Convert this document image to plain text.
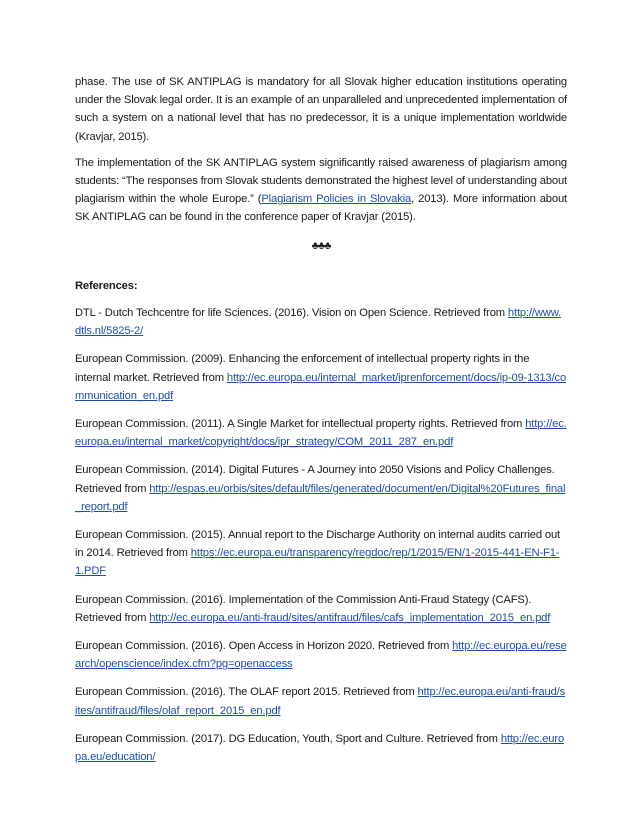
phase. The use of SK ANTIPLAG is mandatory for all Slovak higher education institutions operating under the Slovak legal order. It is an example of an unparalleled and unprecedented implementation of such a system on a national level that has no predecessor, it is a unique implementation worldwide (Kravjar, 2015).

The implementation of the SK ANTIPLAG system significantly raised awareness of plagiarism among students: “The responses from Slovak students demonstrated the highest level of understanding about plagiarism within the whole Europe.” (Plagiarism Policies in Slovakia, 2013). More information about SK ANTIPLAG can be found in the conference paper of Kravjar (2015).

♣♣♣
References:

DTL - Dutch Techcentre for life Sciences. (2016). Vision on Open Science. Retrieved from http://www.dtls.nl/5825-2/

European Commission. (2009). Enhancing the enforcement of intellectual property rights in the internal market. Retrieved from http://ec.europa.eu/internal_market/iprenforcement/docs/ip-09-1313/communication_en.pdf

European Commission. (2011). A Single Market for intellectual property rights. Retrieved from http://ec.europa.eu/internal_market/copyright/docs/ipr_strategy/COM_2011_287_en.pdf

European Commission. (2014). Digital Futures - A Journey into 2050 Visions and Policy Challenges. Retrieved from http://espas.eu/orbis/sites/default/files/generated/document/en/Digital%20Futures_final_report.pdf

European Commission. (2015). Annual report to the Discharge Authority on internal audits carried out in 2014. Retrieved from https://ec.europa.eu/transparency/regdoc/rep/1/2015/EN/1-2015-441-EN-F1-1.PDF

European Commission. (2016). Implementation of the Commission Anti-Fraud Stategy (CAFS). Retrieved from http://ec.europa.eu/anti-fraud/sites/antifraud/files/cafs_implementation_2015_en.pdf

European Commission. (2016). Open Access in Horizon 2020. Retrieved from http://ec.europa.eu/research/openscience/index.cfm?pg=openaccess

European Commission. (2016). The OLAF report 2015. Retrieved from http://ec.europa.eu/anti-fraud/sites/antifraud/files/olaf_report_2015_en.pdf

European Commission. (2017). DG Education, Youth, Sport and Culture. Retrieved from http://ec.europa.eu/education/
